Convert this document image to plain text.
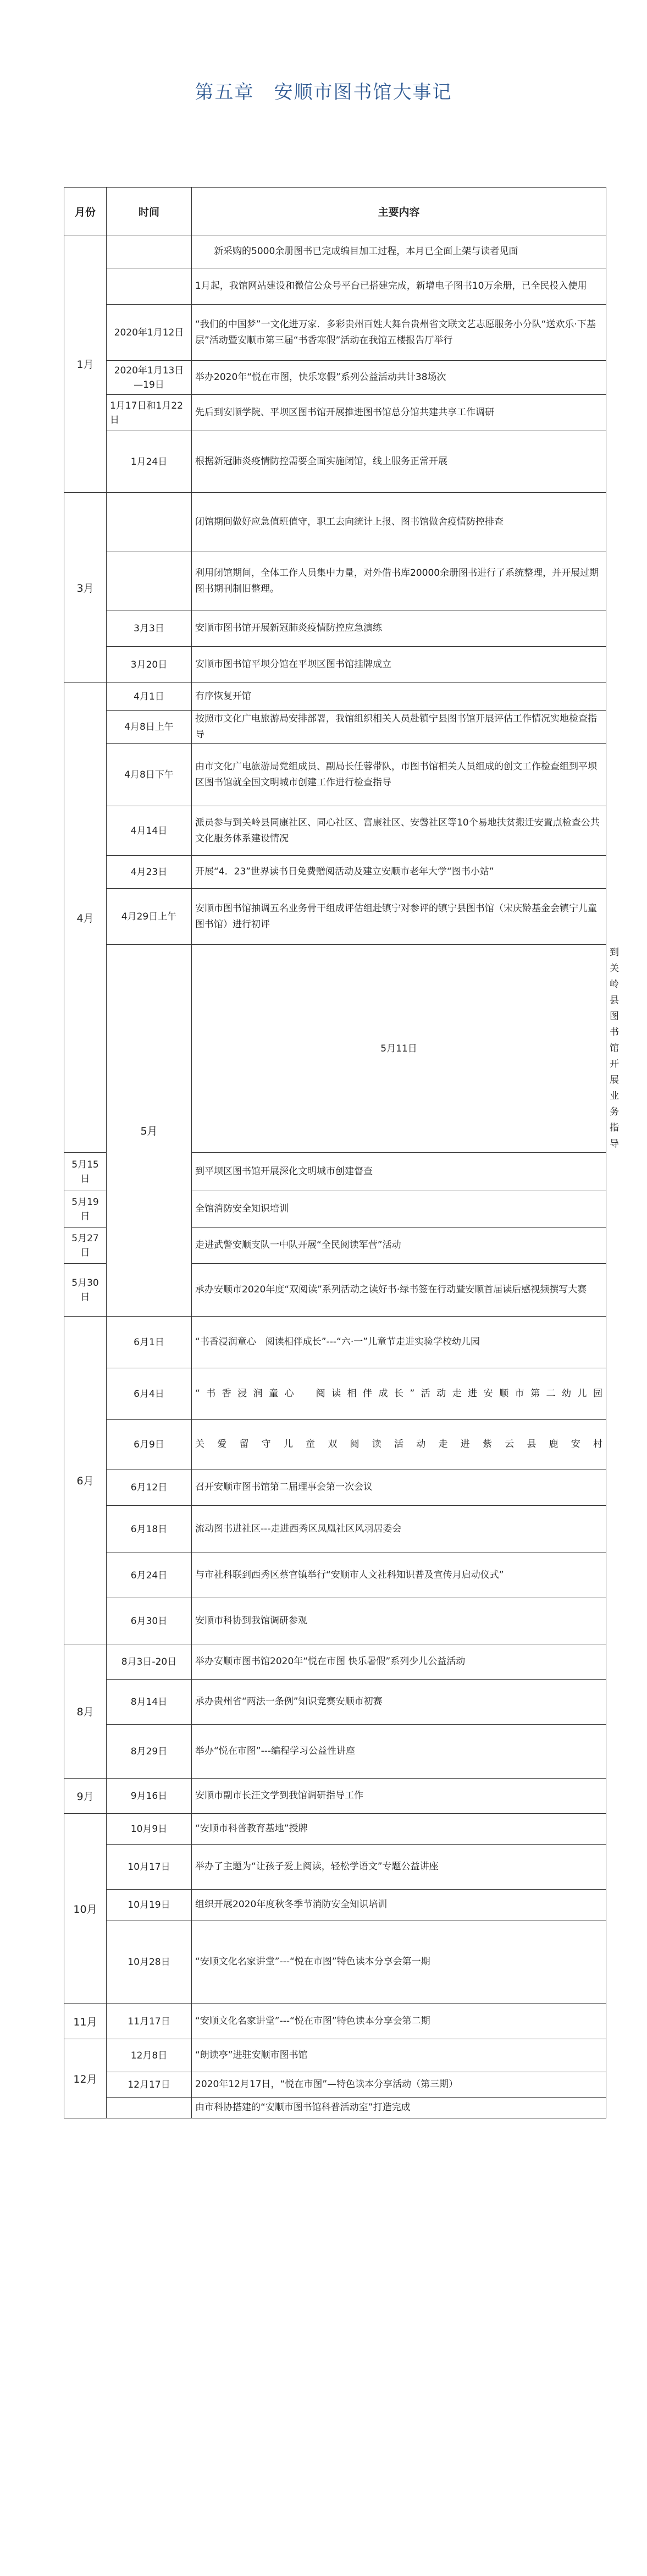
第五章　安顺市图书馆大事记
月份	时间	主要内容	
1月		新采购的5000余册图书已完成编目加工过程，本月已全面上架与读者见面	
		1月起，我馆网站建设和微信公众号平台已搭建完成，新增电子图书10万余册，已全民投入使用	
	2020年1月12日	“我们的中国梦”一文化进万家．多彩贵州百姓大舞台贵州省文联文艺志愿服务小分队“送欢乐·下基层”活动暨安顺市第三届“书香寒假”活动在我馆五楼报告厅举行	
	2020年1月13日—19日	举办2020年“悦在市图，快乐寒假”系列公益活动共计38场次	
	1月17日和1月22日	先后到安顺学院、平坝区图书馆开展推进图书馆总分馆共建共享工作调研	
	1月24日	根据新冠肺炎疫情防控需要全面实施闭馆，线上服务正常开展	
3月		闭馆期间做好应急值班值守，职工去向统计上报、图书馆做舍疫情防控排查	
		利用闭馆期间，全体工作人员集中力量，对外借书库20000余册图书进行了系统整理，并开展过期图书期刊制旧整理。	
	3月3日	安顺市图书馆开展新冠肺炎疫情防控应急演练	
	3月20日	安顺市图书馆平坝分馆在平坝区图书馆挂牌成立	
4月	4月1日	有序恢复开馆	
	4月8日上午	按照市文化广电旅游局安排部署，我馆组织相关人员赴镇宁县图书馆开展评估工作情况实地检查指导	
	4月8日下午	由市文化广电旅游局党组成员、副局长任蓉带队，市图书馆相关人员组成的创文工作检查组到平坝区图书馆就全国文明城市创建工作进行检查指导	
	4月14日	派员参与到关岭县同康社区、同心社区、富康社区、安馨社区等10个易地扶贫搬迁安置点检查公共文化服务体系建设情况	
	4月23日	开展“4．23”世界读书日免费赠阅活动及建立安顺市老年大学“图书小站”	
	4月29日上午	安顺市图书馆抽调五名业务骨干组成评估组赴镇宁对参评的镇宁县图书馆（宋庆龄基金会镇宁儿童图书馆）进行初评	
	5月	5月11日	到关岭县图书馆开展业务指导
5月15日		到平坝区图书馆开展深化文明城市创建督查	
5月19日		全馆消防安全知识培训	
5月27日		走进武警安顺支队一中队开展“全民阅读军营”活动	
5月30日		承办安顺市2020年度“双阅读”系列活动之读好书·绿书签在行动暨安顺首届读后感视频撰写大赛	
6月	6月1日	“书香浸润童心　阅读相伴成长”---“六·一”儿童节走进实验学校幼儿园	
	6月4日	“书香浸润童心　阅读相伴成长”活动走进安顺市第二幼儿园	
	6月9日	关爱留守儿童双阅读活动走进紫云县鹿安村	
	6月12日	召开安顺市图书馆第二届理事会第一次会议	
	6月18日	流动图书进社区---走进西秀区凤凰社区风羽居委会	
	6月24日	与市社科联到西秀区蔡官镇举行“安顺市人文社科知识普及宣传月启动仪式”	
	6月30日	安顺市科协到我馆调研参观	
8月	8月3日-20日	举办安顺市图书馆2020年“悦在市图 快乐暑假”系列少儿公益活动	
	8月14日	承办贵州省“两法一条例”知识竞赛安顺市初赛	
	8月29日	举办“悦在市图”---编程学习公益性讲座	
9月	9月16日	安顺市副市长汪文学到我馆调研指导工作	
10月	10月9日	“安顺市科普教育基地”授牌	
	10月17日	举办了主题为“让孩子爱上阅读，轻松学语文”专题公益讲座	
	10月19日	组织开展2020年度秋冬季节消防安全知识培训	
	10月28日	“安顺文化名家讲堂”---“悦在市图”特色读本分享会第一期	
11月	11月17日	“安顺文化名家讲堂”---“悦在市图”特色读本分享会第二期	
12月	12月8日	“朗读亭”进驻安顺市图书馆	
	12月17日	2020年12月17日，“悦在市图”—特色读本分享活动（第三期）	
		由市科协搭建的“安顺市图书馆科普活动室”打造完成	
